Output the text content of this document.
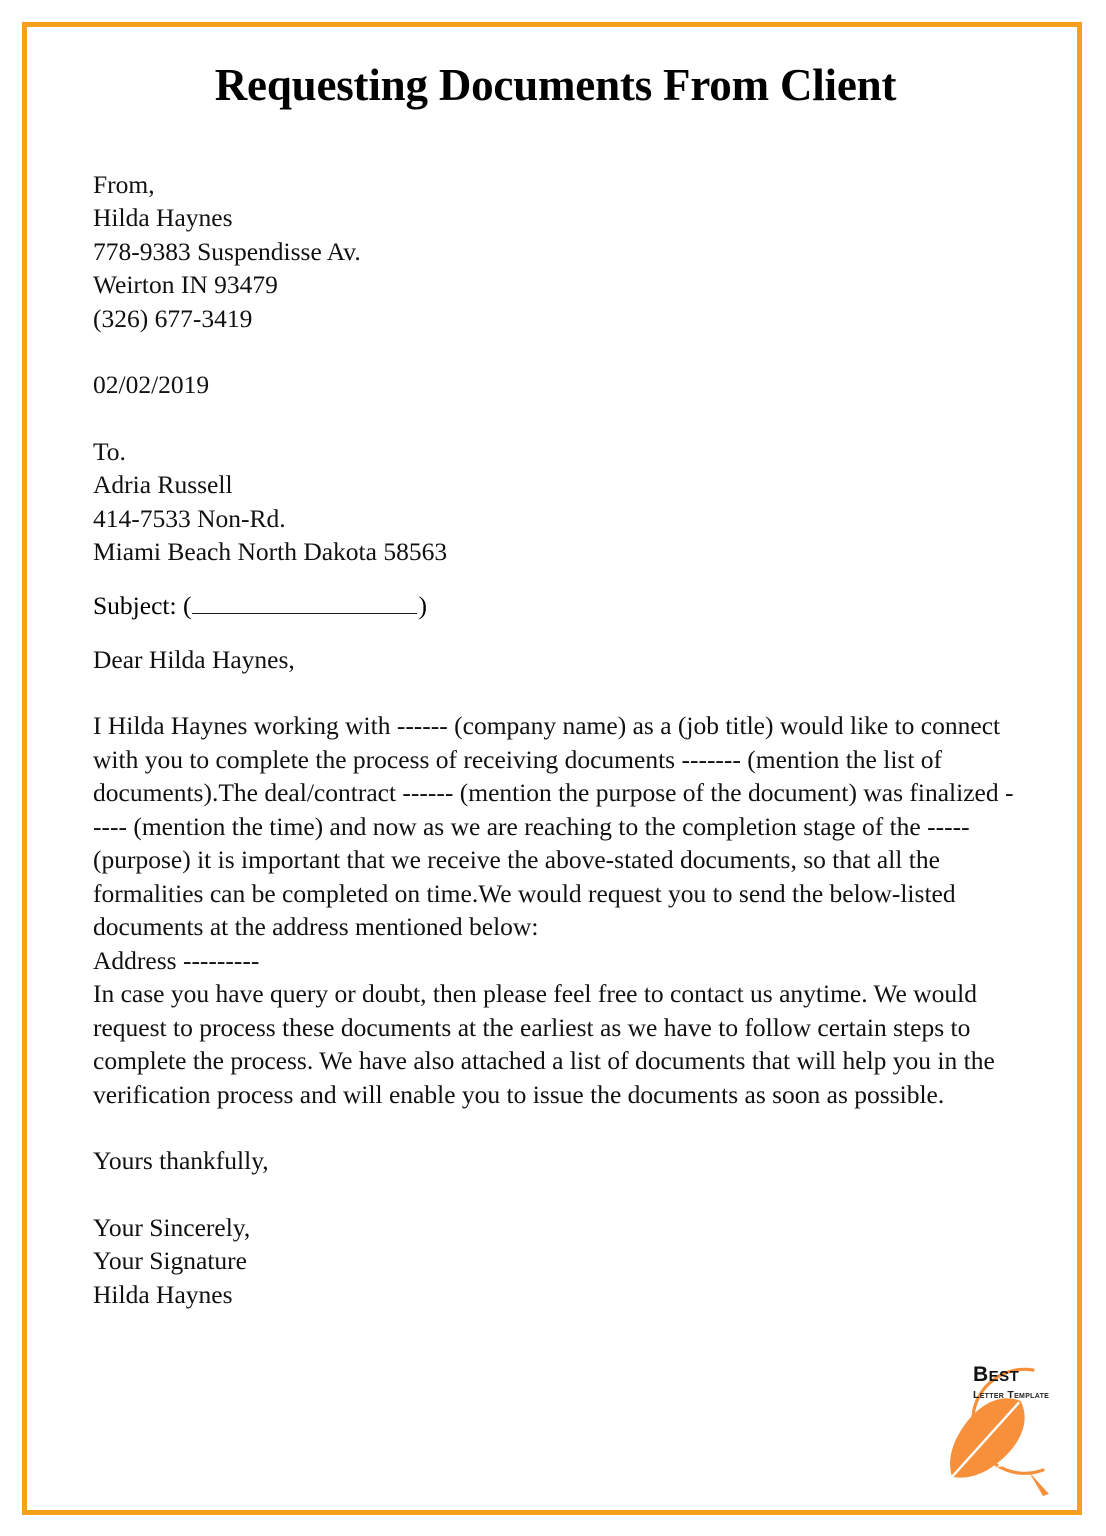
Requesting Documents From Client
From,
Hilda Haynes
778-9383 Suspendisse Av.
Weirton IN 93479
(326) 677-3419
02/02/2019
To.
Adria Russell
414-7533 Non-Rd.
Miami Beach North Dakota 58563
Subject: (	)
Dear Hilda Haynes,

I Hilda Haynes working with ------ (company name) as a (job title) would like to connect with you to complete the process of receiving documents ------- (mention the list of documents).The deal/contract ------ (mention the purpose of the document) was finalized ----- (mention the time) and now as we are reaching to the completion stage of the ----- (purpose) it is important that we receive the above-stated documents, so that all the formalities can be completed on time.We would request you to send the below-listed documents at the address mentioned below:

Address ---------

In case you have query or doubt, then please feel free to contact us anytime. We would request to process these documents at the earliest as we have to follow certain steps to complete the process. We have also attached a list of documents that will help you in the verification process and will enable you to issue the documents as soon as possible.

Yours thankfully,
Your Sincerely,
Your Signature
Hilda Haynes
Best
Letter Template
